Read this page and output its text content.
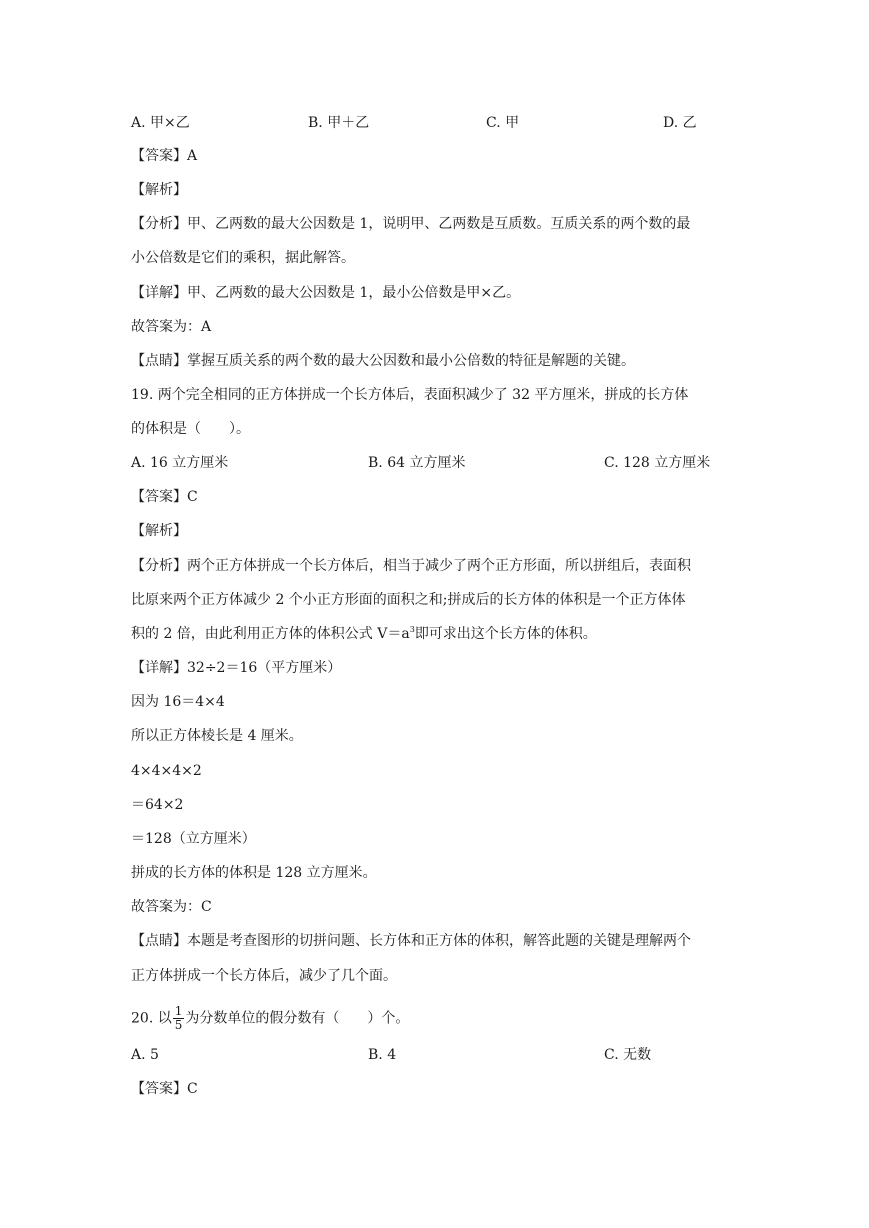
A. 甲×乙	B. 甲＋乙	C. 甲	D. 乙
【答案】A
【解析】
【分析】甲、乙两数的最大公因数是 1，说明甲、乙两数是互质数。互质关系的两个数的最
小公倍数是它们的乘积，据此解答。
【详解】甲、乙两数的最大公因数是 1，最小公倍数是甲×乙。
故答案为：A
【点睛】掌握互质关系的两个数的最大公因数和最小公倍数的特征是解题的关键。
19. 两个完全相同的正方体拼成一个长方体后，表面积减少了 32 平方厘米，拼成的长方体
的体积是（　　）。
A. 16 立方厘米	B. 64 立方厘米	C. 128 立方厘米
【答案】C
【解析】
【分析】两个正方体拼成一个长方体后，相当于减少了两个正方形面，所以拼组后，表面积
比原来两个正方体减少 2 个小正方形面的面积之和;拼成后的长方体的体积是一个正方体体
积的 2 倍，由此利用正方体的体积公式 $V=a^3$即可求出这个长方体的体积。
【详解】32÷2＝16（平方厘米）
因为 16＝4×4
所以正方体棱长是 4 厘米。
4×4×4×2
＝64×2
＝128（立方厘米）
拼成的长方体的体积是 128 立方厘米。
故答案为：C
【点睛】本题是考查图形的切拼问题、长方体和正方体的体积，解答此题的关键是理解两个
正方体拼成一个长方体后，减少了几个面。
20. 以 $\frac{1}{5}$ 为分数单位的假分数有（　　）个。
A. 5	B. 4	C. 无数
【答案】C
